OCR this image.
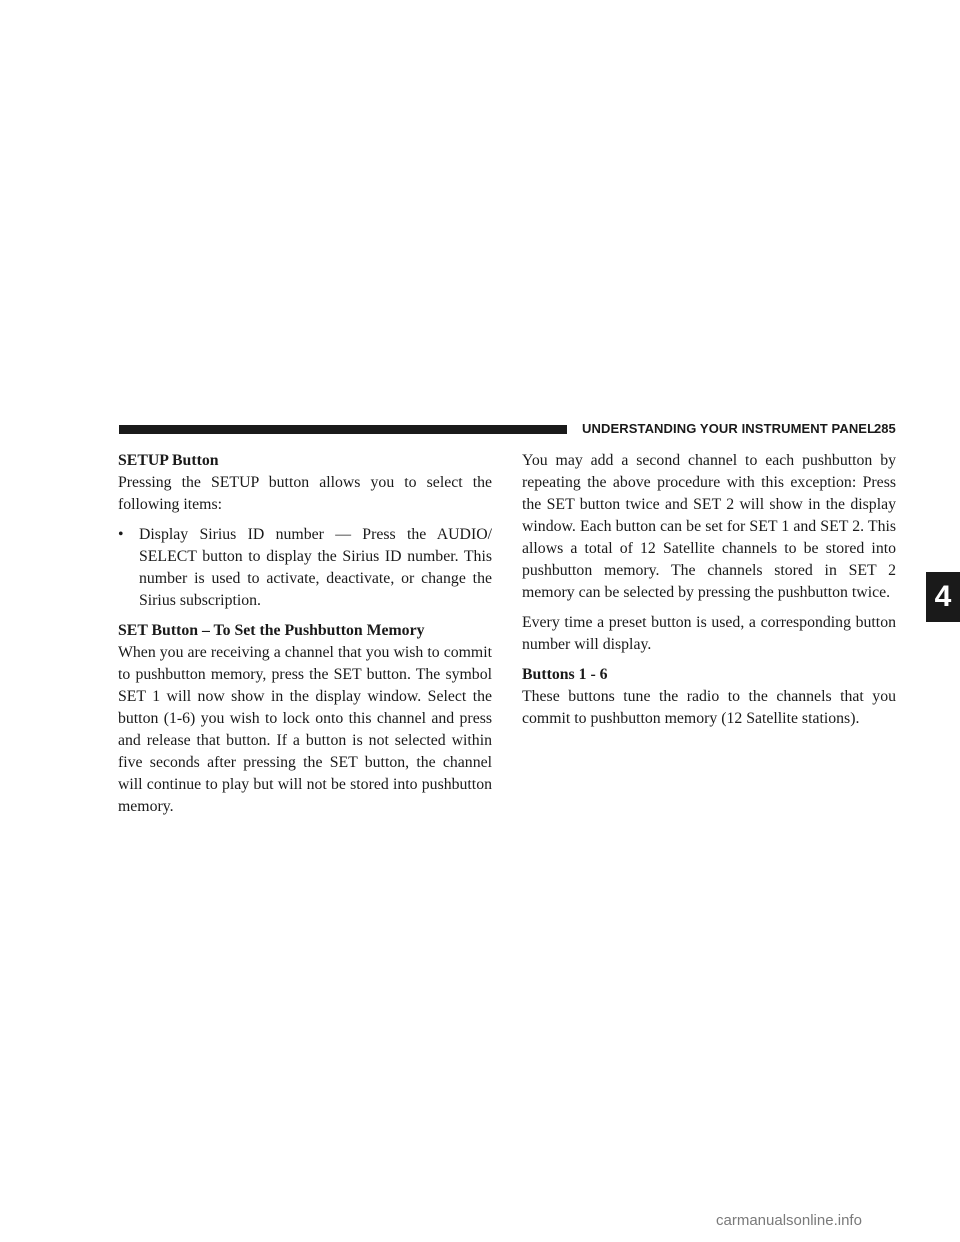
UNDERSTANDING YOUR INSTRUMENT PANEL
285
4
SETUP Button

Pressing the SETUP button allows you to select the following items:

• Display Sirius ID number — Press the AUDIO/ SELECT button to display the Sirius ID number. This number is used to activate, deactivate, or change the Sirius subscription.
SET Button – To Set the Pushbutton Memory

When you are receiving a channel that you wish to commit to pushbutton memory, press the SET button. The symbol SET 1 will now show in the display window. Select the button (1-6) you wish to lock onto this channel and press and release that button. If a button is not selected within five seconds after pressing the SET button, the channel will continue to play but will not be stored into pushbutton memory.

You may add a second channel to each pushbutton by repeating the above procedure with this exception: Press the SET button twice and SET 2 will show in the display window. Each button can be set for SET 1 and SET 2. This allows a total of 12 Satellite channels to be stored into pushbutton memory. The channels stored in SET 2 memory can be selected by pressing the pushbutton twice.

Every time a preset button is used, a corresponding button number will display.

Buttons 1 - 6

These buttons tune the radio to the channels that you commit to pushbutton memory (12 Satellite stations).

carmanualsonline.info
